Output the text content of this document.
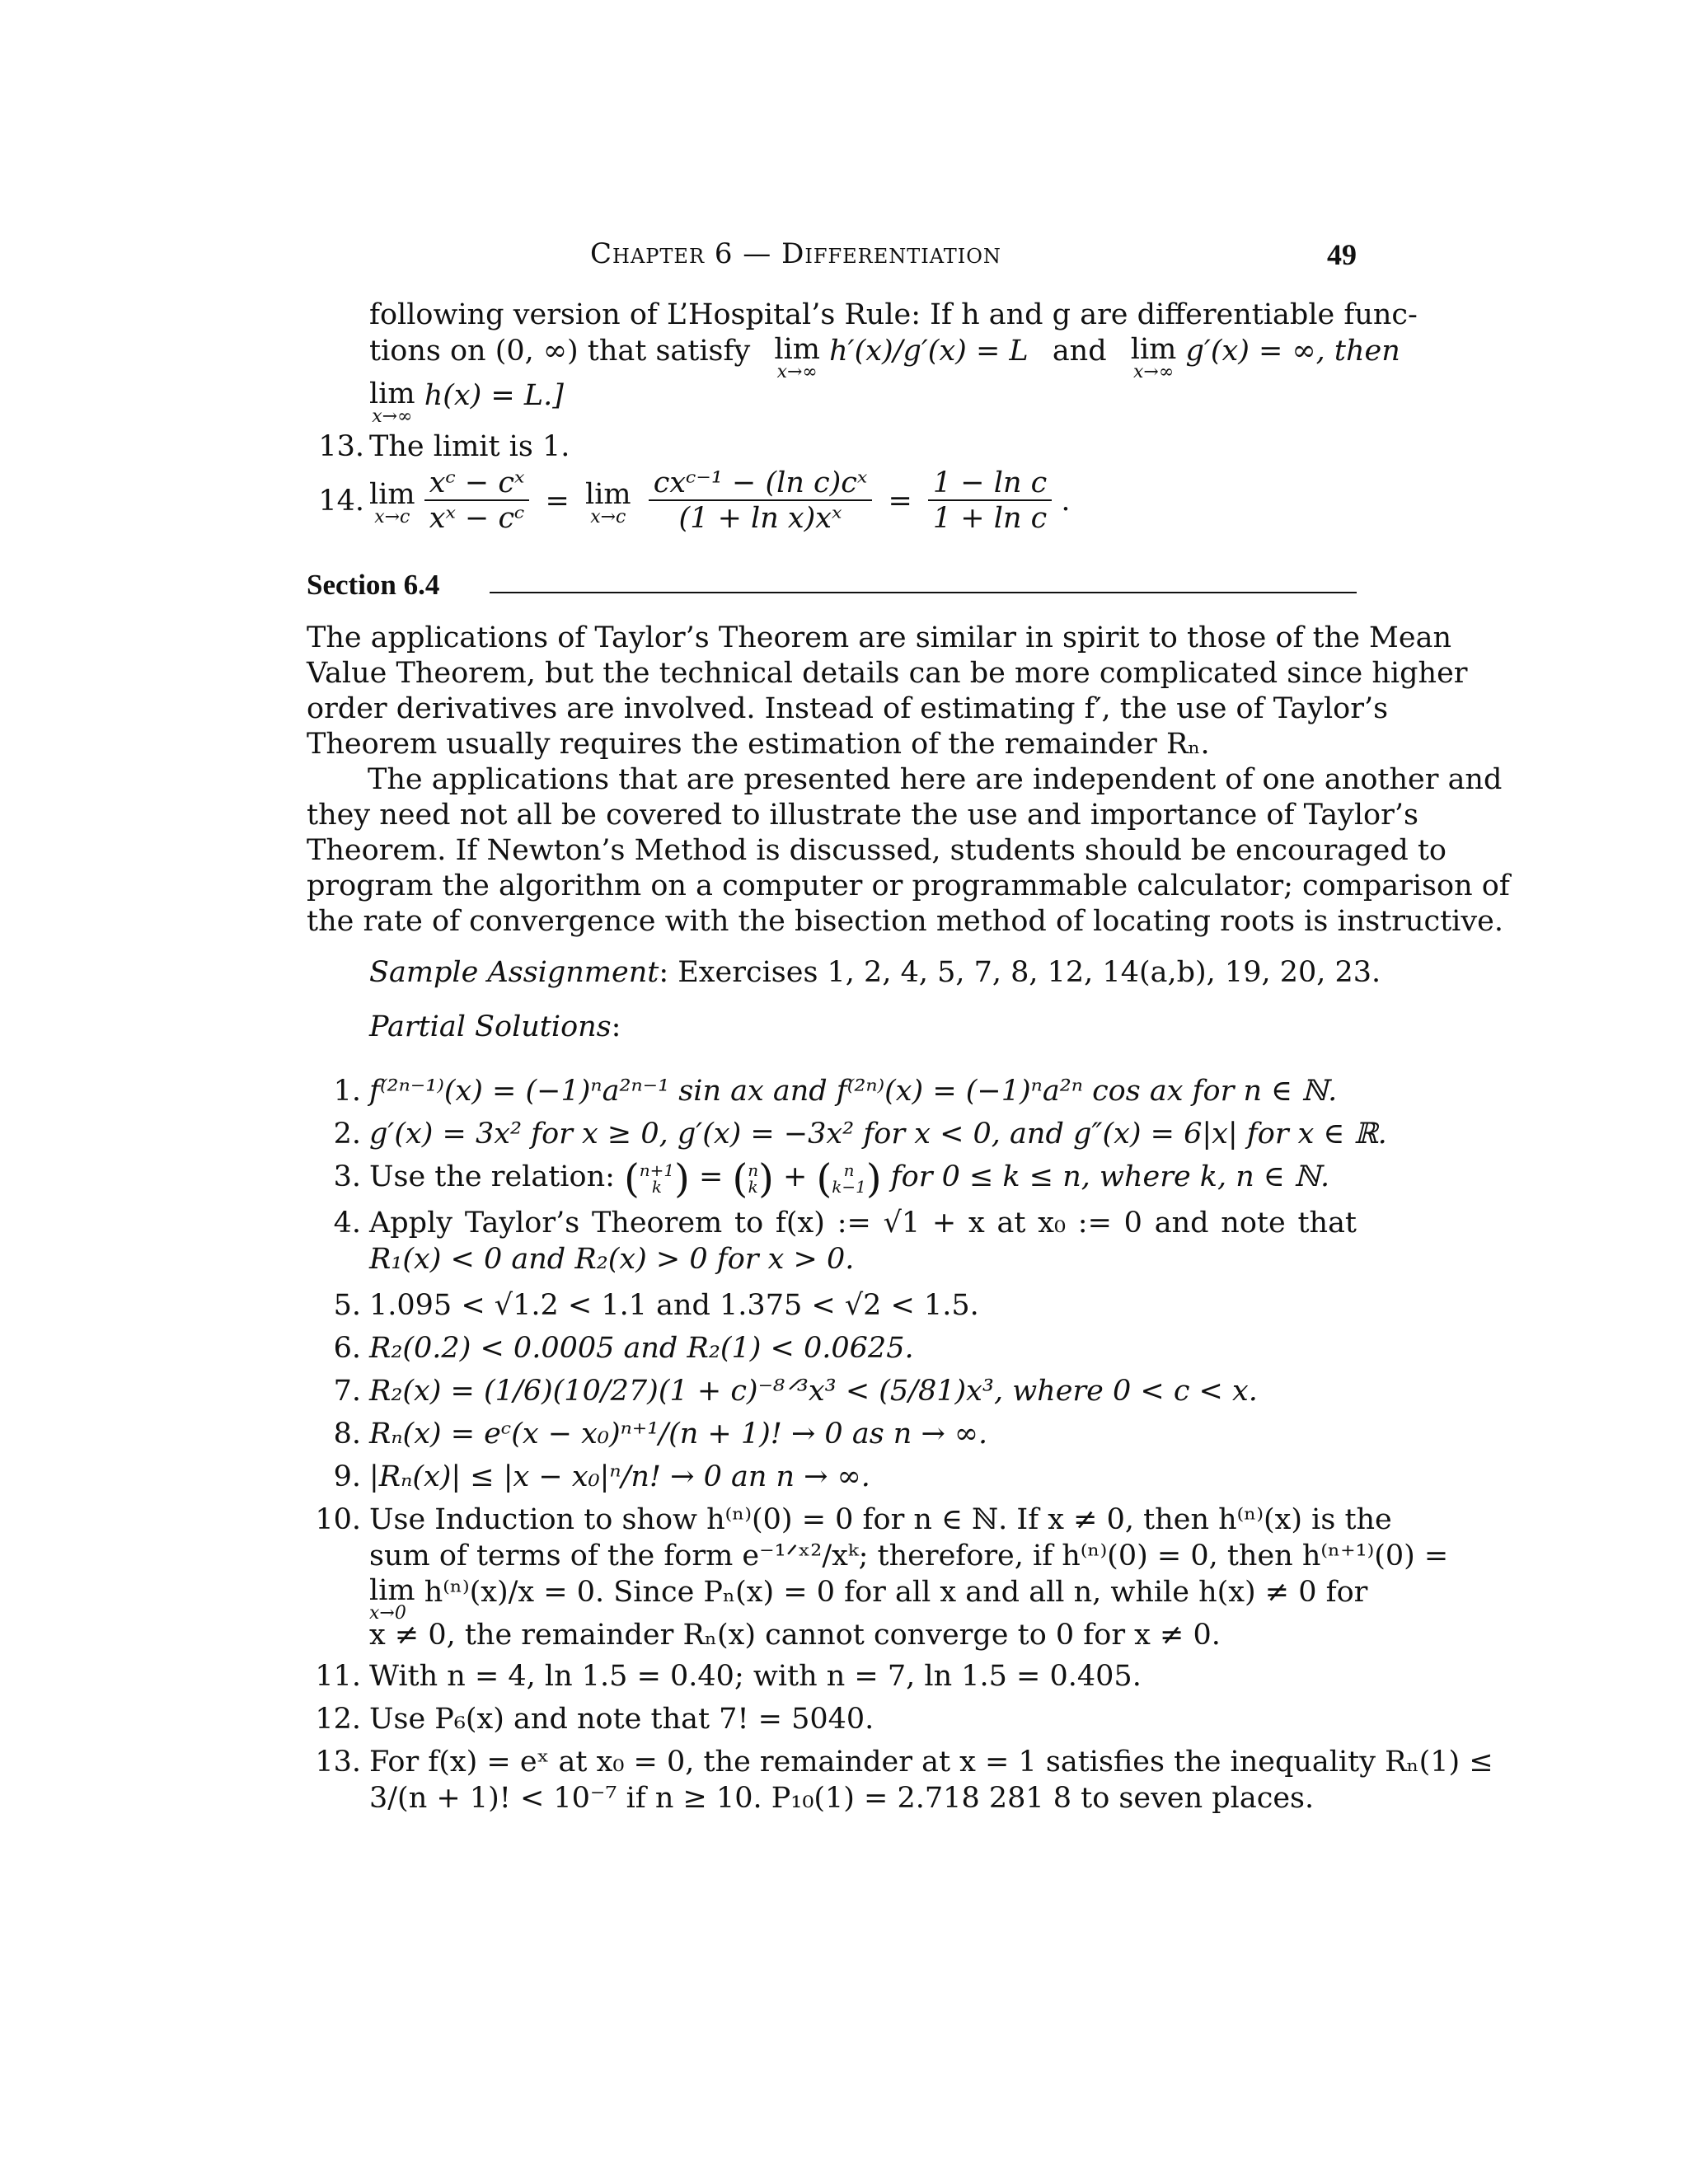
Chapter 6 — Differentiation	49
following version of L’Hospital’s Rule: If h and g are differentiable func-
tions on (0, ∞) that satisfy lim
x→∞
h′(x)/g′(x) = L and lim
x→∞
g′(x) = ∞, then
lim
x→∞
h(x) = L.]
13. The limit is 1.
14. lim
x→c
$\frac{\text{xᶜ − cˣ}}{\text{xˣ − cᶜ}} = \lim$
x→c
$\frac{\text{cxᶜ⁻¹ − (ln c)cˣ}}{\text{(1 + ln x)xˣ}} = \frac{\text{1 − ln c}}{\text{1 + ln c}}$ .
Section 6.4
The applications of Taylor’s Theorem are similar in spirit to those of the Mean
Value Theorem, but the technical details can be more complicated since higher
order derivatives are involved. Instead of estimating f′, the use of Taylor’s
Theorem usually requires the estimation of the remainder Rₙ.
The applications that are presented here are independent of one another and
they need not all be covered to illustrate the use and importance of Taylor’s
Theorem. If Newton’s Method is discussed, students should be encouraged to
program the algorithm on a computer or programmable calculator; comparison of
the rate of convergence with the bisection method of locating roots is instructive.
Sample Assignment: Exercises 1, 2, 4, 5, 7, 8, 12, 14(a,b), 19, 20, 23.
Partial Solutions:
1. f⁽²ⁿ⁻¹⁾(x) = (−1)ⁿa²ⁿ⁻¹ sin ax and f⁽²ⁿ⁾(x) = (−1)ⁿa²ⁿ cos ax for n ∈ ℕ.
2. g′(x) = 3x² for x ≥ 0, g′(x) = −3x² for x < 0, and g″(x) = 6|x| for x ∈ ℝ.
3. Use the relation: ( n+1
k ) = ( n
k ) + ( n
k−1 ) for 0 ≤ k ≤ n, where k, n ∈ ℕ.
4. Apply Taylor’s Theorem to f(x) := √1 + x at x₀ := 0 and note that
R₁(x) < 0 and R₂(x) > 0 for x > 0.
5. 1.095 < √1.2 < 1.1 and 1.375 < √2 < 1.5.
6. R₂(0.2) < 0.0005 and R₂(1) < 0.0625.
7. R₂(x) = (1/6)(10/27)(1 + c)⁻⁸ᐟ³x³ < (5/81)x³, where 0 < c < x.
8. Rₙ(x) = eᶜ(x − x₀)ⁿ⁺¹/(n + 1)! → 0 as n → ∞.
9. |Rₙ(x)| ≤ |x − x₀|ⁿ/n! → 0 an n → ∞.
10. Use Induction to show h⁽ⁿ⁾(0) = 0 for n ∈ ℕ. If x ≠ 0, then h⁽ⁿ⁾(x) is the
sum of terms of the form e⁻¹ᐟˣ²/xᵏ; therefore, if h⁽ⁿ⁾(0) = 0, then h⁽ⁿ⁺¹⁾(0) =
lim
x→0
h⁽ⁿ⁾(x)/x = 0. Since Pₙ(x) = 0 for all x and all n, while h(x) ≠ 0 for
x ≠ 0, the remainder Rₙ(x) cannot converge to 0 for x ≠ 0.
11. With n = 4, ln 1.5 = 0.40; with n = 7, ln 1.5 = 0.405.
12. Use P₆(x) and note that 7! = 5040.
13. For f(x) = eˣ at x₀ = 0, the remainder at x = 1 satisfies the inequality Rₙ(1) ≤
3/(n + 1)! < 10⁻⁷ if n ≥ 10. P₁₀(1) = 2.718 281 8 to seven places.
